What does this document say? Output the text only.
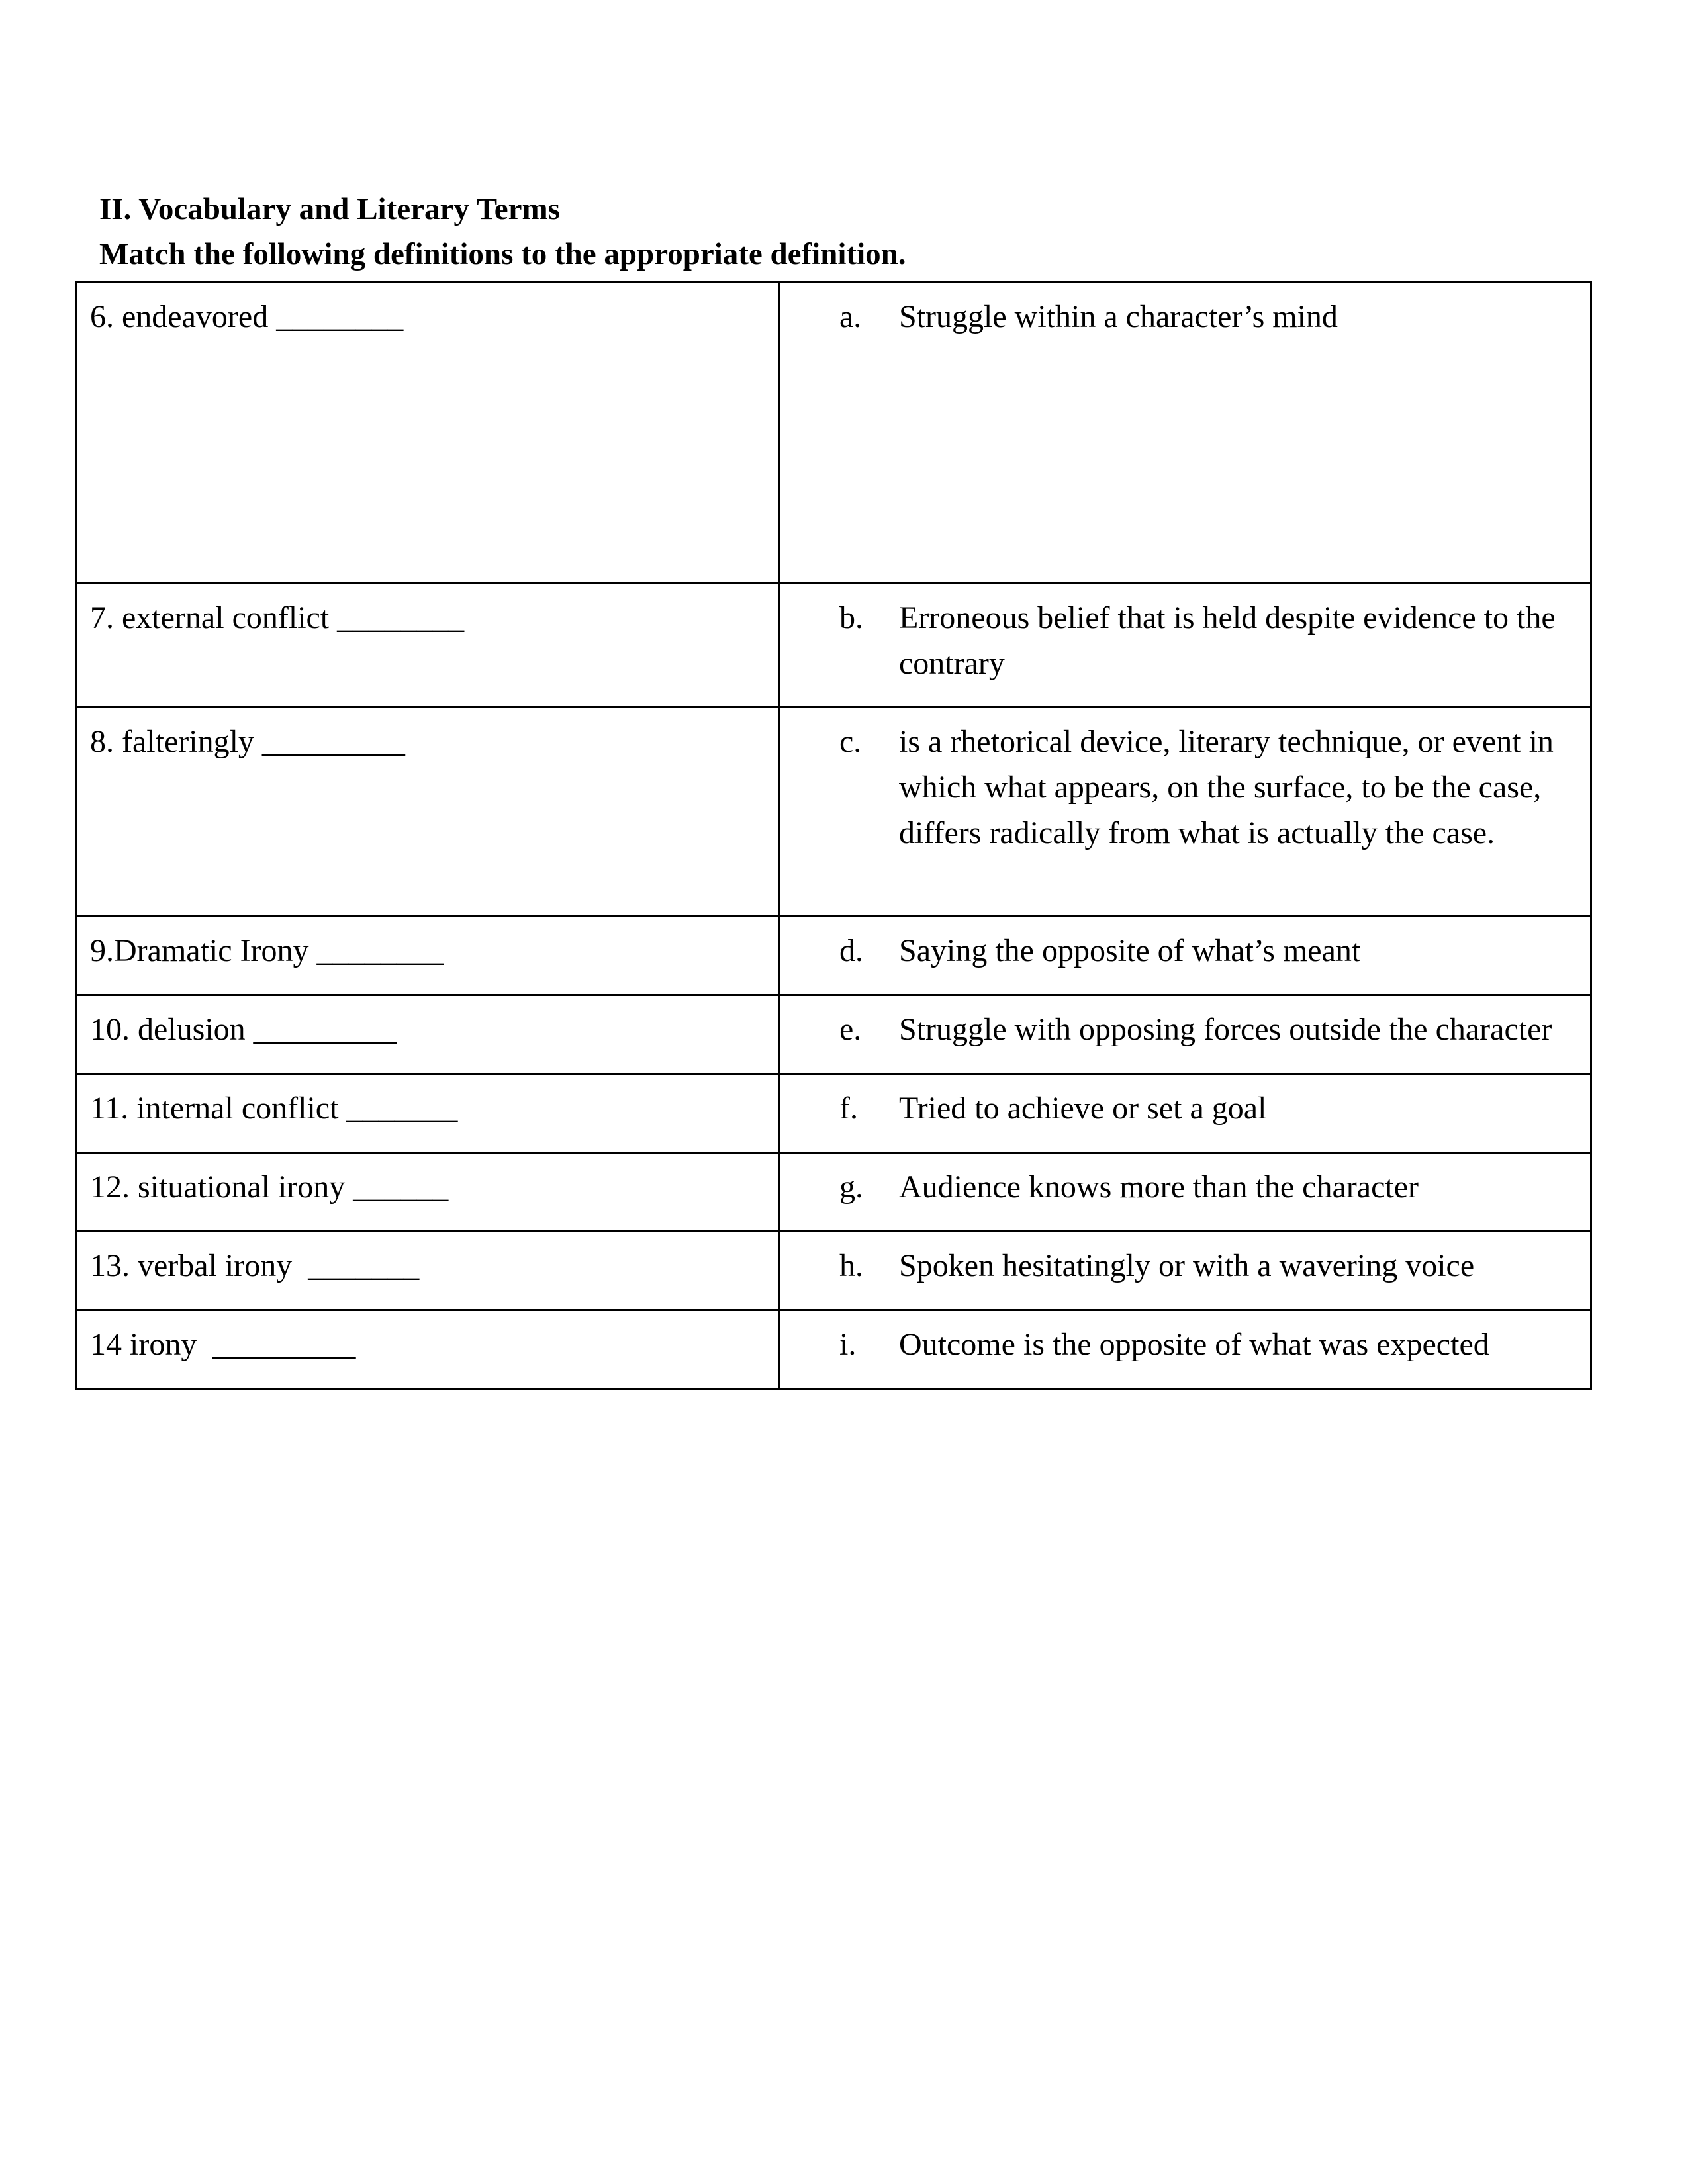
II. Vocabulary and Literary Terms
Match the following definitions to the appropriate definition.
6. endeavored ________	a. Struggle within a character’s mind

7. external conflict ________	b. Erroneous belief that is held despite evidence to the contrary

8. falteringly _________	c. is a rhetorical device, literary technique, or event in which what appears, on the surface, to be the case, differs radically from what is actually the case.

9.Dramatic Irony ________	d. Saying the opposite of what’s meant

10. delusion _________	e. Struggle with opposing forces outside the character

11. internal conflict _______	f. Tried to achieve or set a goal

12. situational irony ______	g. Audience knows more than the character

13. verbal irony  _______	h. Spoken hesitatingly or with a wavering voice

14 irony  _________	i. Outcome is the opposite of what was expected
